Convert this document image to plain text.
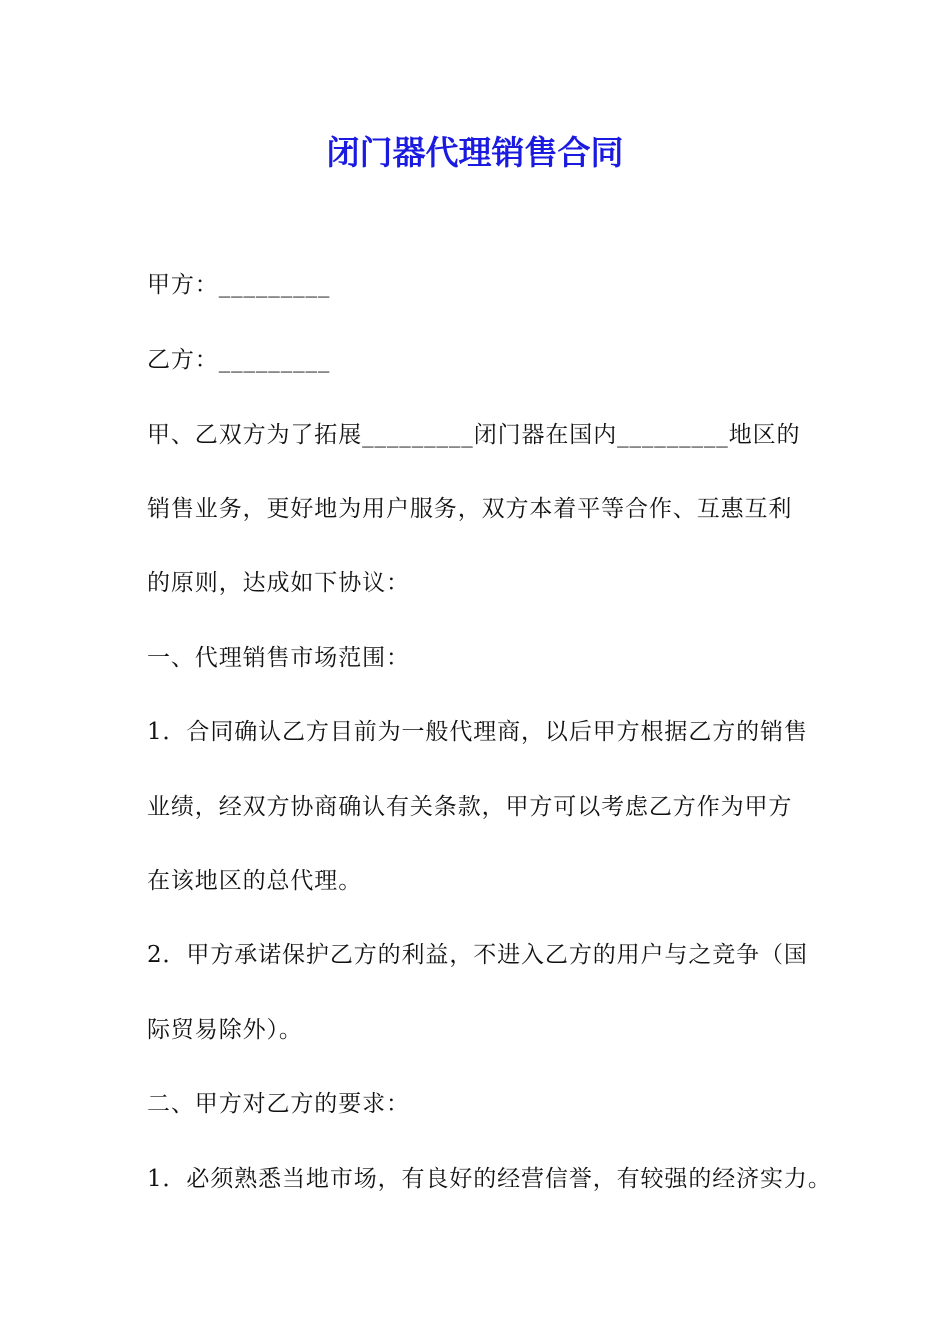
闭门器代理销售合同
甲方：_________
乙方：_________
甲、乙双方为了拓展_________闭门器在国内_________地区的
销售业务，更好地为用户服务，双方本着平等合作、互惠互利
的原则，达成如下协议：
一、代理销售市场范围：
1．合同确认乙方目前为一般代理商，以后甲方根据乙方的销售
业绩，经双方协商确认有关条款，甲方可以考虑乙方作为甲方
在该地区的总代理。
2．甲方承诺保护乙方的利益，不进入乙方的用户与之竞争（国
际贸易除外）。
二、甲方对乙方的要求：
1．必须熟悉当地市场，有良好的经营信誉，有较强的经济实力。
